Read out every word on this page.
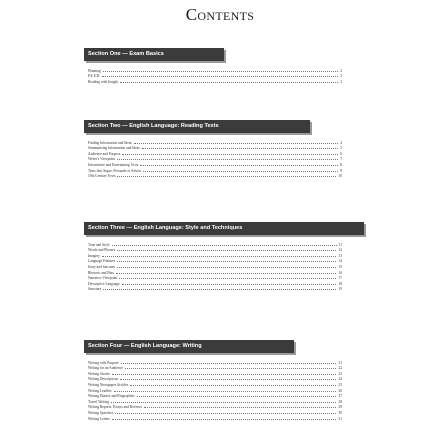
Contents
Section One — Exam Basics
Planning	2
P.E.E.D.	2
Reading with Insight	3
Section Two — English Language: Reading Texts
Finding Information and Ideas	4
Summarising Information and Ideas	5
Audience and Purpose	6
Writer's Viewpoint	7
Informative and Entertaining Texts	8
Texts that Argue, Persuade or Advise	9
19th Century Texts	10
Section Three — English Language: Style and Techniques
Tone and Style	11
Words and Phrases	12
Imagery	13
Language Features	14
Irony and Sarcasm	15
Rhetoric and Bias	16
Narrative Viewpoint	17
Descriptive Language	18
Structure	19
Section Four — English Language: Writing
Writing with Purpose	21
Writing for an Audience	22
Writing Stories	23
Writing Descriptions	24
Writing Newspaper Articles	25
Writing Leaflets	26
Writing Diaries and Biographies	27
Travel Writing	28
Writing Reports, Essays and Reviews	29
Writing Speeches	30
Writing Letters	31
